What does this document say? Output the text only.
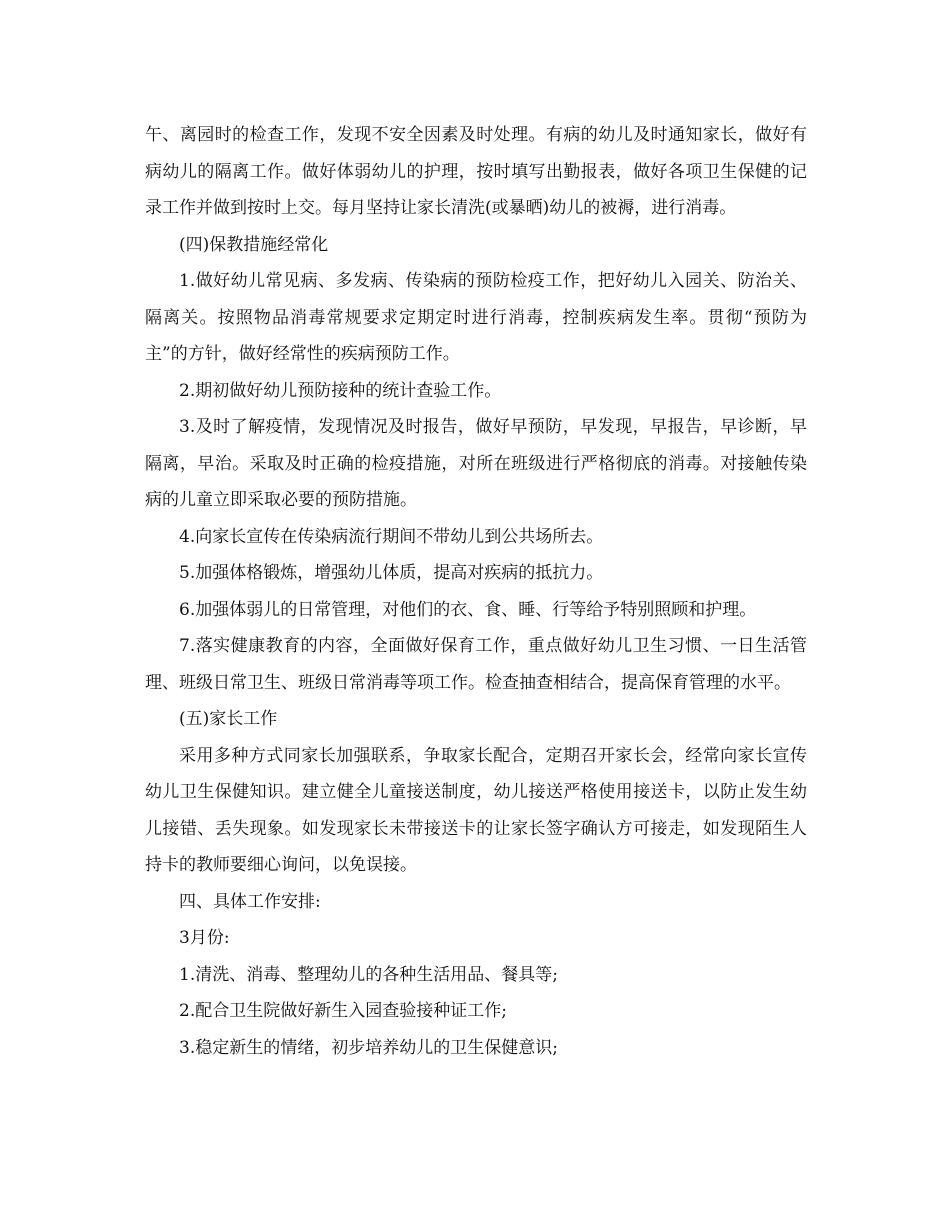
午、离园时的检查工作，发现不安全因素及时处理。有病的幼儿及时通知家长，做好有病幼儿的隔离工作。做好体弱幼儿的护理，按时填写出勤报表，做好各项卫生保健的记录工作并做到按时上交。每月坚持让家长清洗(或暴晒)幼儿的被褥，进行消毒。

(四)保教措施经常化

1.做好幼儿常见病、多发病、传染病的预防检疫工作，把好幼儿入园关、防治关、隔离关。按照物品消毒常规要求定期定时进行消毒，控制疾病发生率。贯彻“预防为主”的方针，做好经常性的疾病预防工作。

2.期初做好幼儿预防接种的统计查验工作。

3.及时了解疫情，发现情况及时报告，做好早预防，早发现，早报告，早诊断，早隔离，早治。采取及时正确的检疫措施，对所在班级进行严格彻底的消毒。对接触传染病的儿童立即采取必要的预防措施。

4.向家长宣传在传染病流行期间不带幼儿到公共场所去。

5.加强体格锻炼，增强幼儿体质，提高对疾病的抵抗力。

6.加强体弱儿的日常管理，对他们的衣、食、睡、行等给予特别照顾和护理。

7.落实健康教育的内容，全面做好保育工作，重点做好幼儿卫生习惯、一日生活管理、班级日常卫生、班级日常消毒等项工作。检查抽查相结合，提高保育管理的水平。

(五)家长工作

采用多种方式同家长加强联系，争取家长配合，定期召开家长会，经常向家长宣传幼儿卫生保健知识。建立健全儿童接送制度，幼儿接送严格使用接送卡，以防止发生幼儿接错、丢失现象。如发现家长未带接送卡的让家长签字确认方可接走，如发现陌生人持卡的教师要细心询问，以免误接。

四、具体工作安排:

3月份:

1.清洗、消毒、整理幼儿的各种生活用品、餐具等;

2.配合卫生院做好新生入园查验接种证工作;

3.稳定新生的情绪，初步培养幼儿的卫生保健意识;
